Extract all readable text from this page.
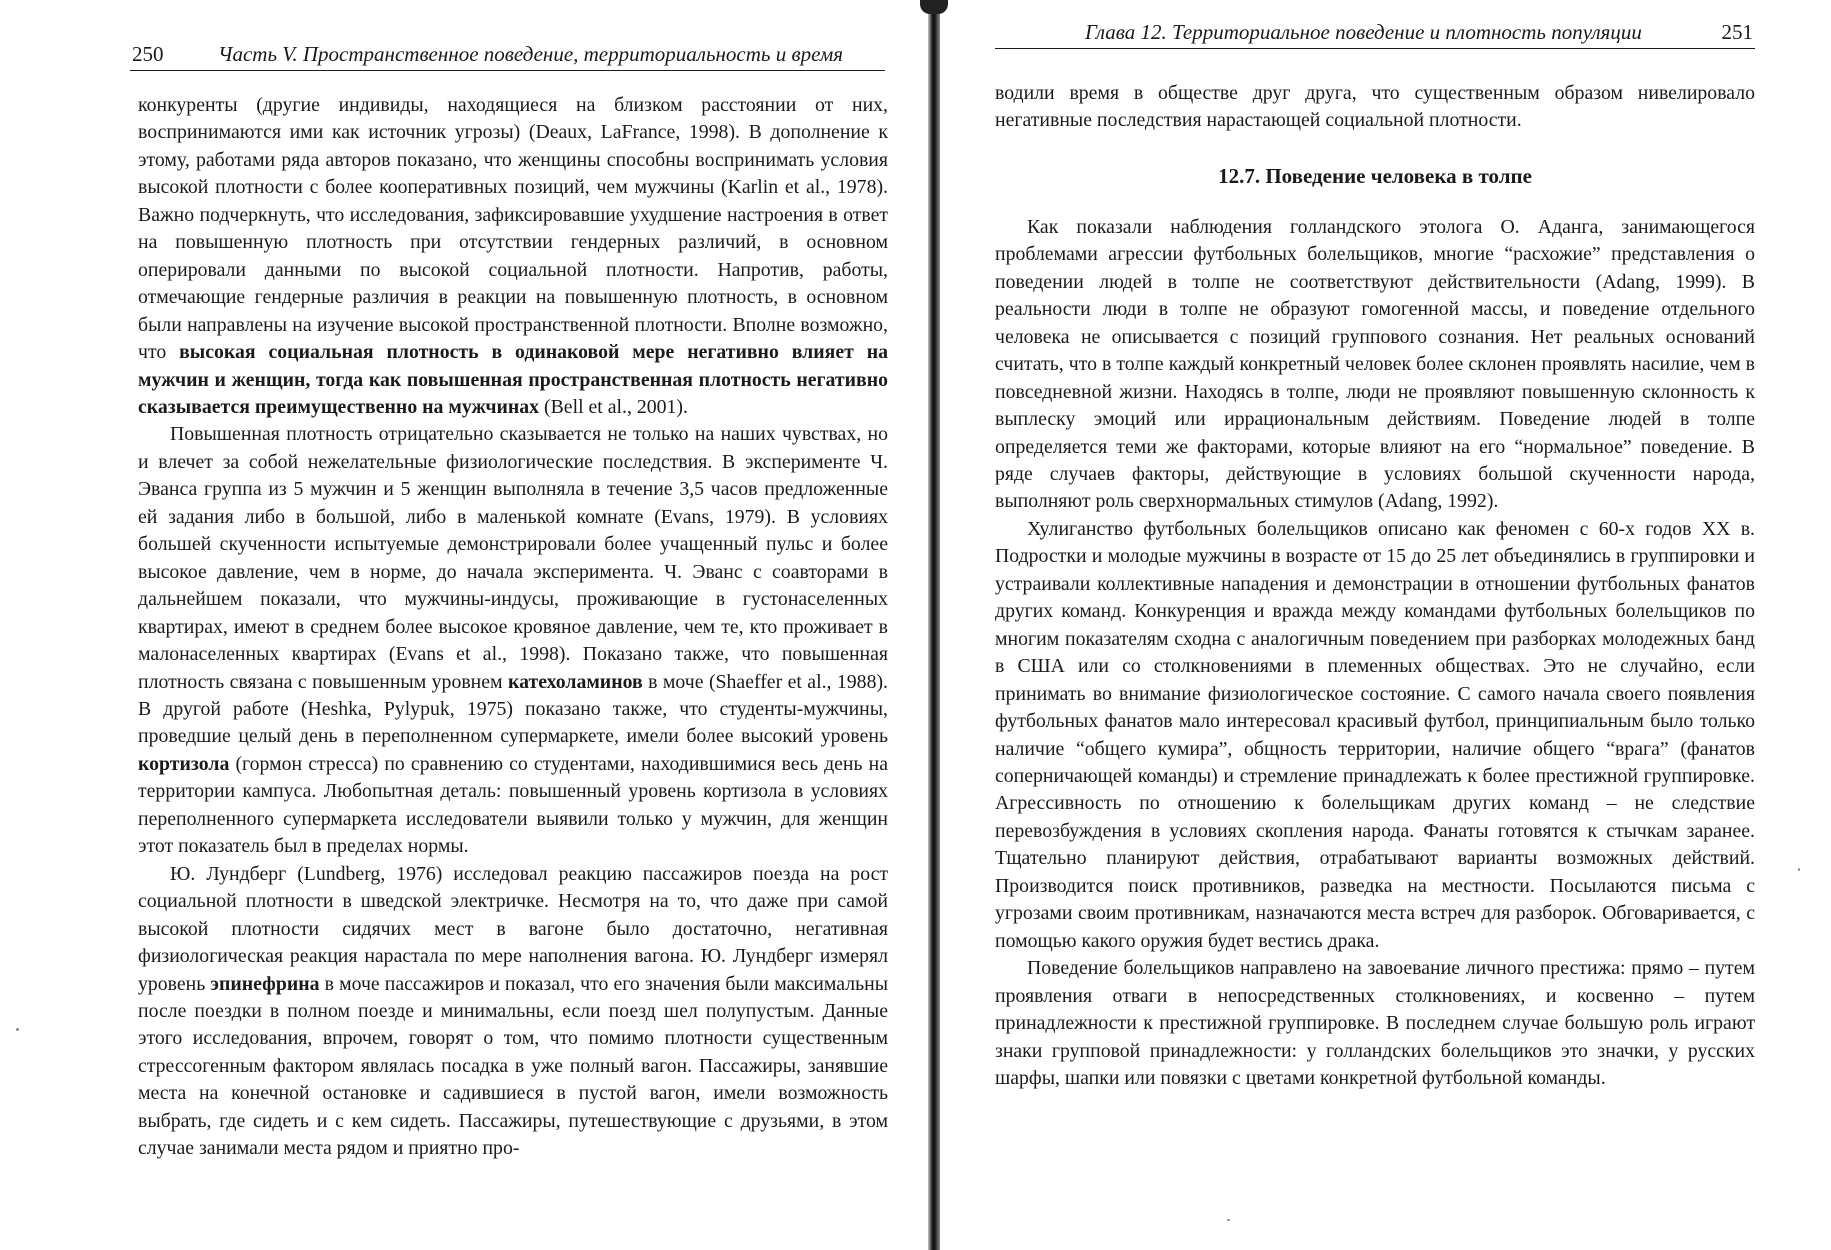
250	Часть V. Пространственное поведение, территориальность и время

конкуренты (другие индивиды, находящиеся на близком расстоянии от них, воспринимаются ими как источник угрозы) (Deaux, LaFrance, 1998). В дополнение к этому, работами ряда авторов показано, что женщины способны воспринимать условия высокой плотности с более кооперативных позиций, чем мужчины (Karlin et al., 1978). Важно подчеркнуть, что исследования, зафиксировавшие ухудшение настроения в ответ на повышенную плотность при отсутствии гендерных различий, в основном оперировали данными по высокой социальной плотности. Напротив, работы, отмечающие гендерные различия в реакции на повышенную плотность, в основном были направлены на изучение высокой пространственной плотности. Вполне возможно, что высокая социальная плотность в одинаковой мере негативно влияет на мужчин и женщин, тогда как повышенная пространственная плотность негативно сказывается преимущественно на мужчинах (Bell et al., 2001).

Повышенная плотность отрицательно сказывается не только на наших чувствах, но и влечет за собой нежелательные физиологические последствия. В эксперименте Ч. Эванса группа из 5 мужчин и 5 женщин выполняла в течение 3,5 часов предложенные ей задания либо в большой, либо в маленькой комнате (Evans, 1979). В условиях большей скученности испытуемые демонстрировали более учащенный пульс и более высокое давление, чем в норме, до начала эксперимента. Ч. Эванс с соавторами в дальнейшем показали, что мужчины-индусы, проживающие в густонаселенных квартирах, имеют в среднем более высокое кровяное давление, чем те, кто проживает в малонаселенных квартирах (Evans et al., 1998). Показано также, что повышенная плотность связана с повышенным уровнем катехоламинов в моче (Shaeffer et al., 1988). В другой работе (Heshka, Pylypuk, 1975) показано также, что студенты-мужчины, проведшие целый день в переполненном супермаркете, имели более высокий уровень кортизола (гормон стресса) по сравнению со студентами, находившимися весь день на территории кампуса. Любопытная деталь: повышенный уровень кортизола в условиях переполненного супермаркета исследователи выявили только у мужчин, для женщин этот показатель был в пределах нормы.

Ю. Лундберг (Lundberg, 1976) исследовал реакцию пассажиров поезда на рост социальной плотности в шведской электричке. Несмотря на то, что даже при самой высокой плотности сидячих мест в вагоне было достаточно, негативная физиологическая реакция нарастала по мере наполнения вагона. Ю. Лундберг измерял уровень эпинефрина в моче пассажиров и показал, что его значения были максимальны после поездки в полном поезде и минимальны, если поезд шел полупустым. Данные этого исследования, впрочем, говорят о том, что помимо плотности существенным стрессогенным фактором являлась посадка в уже полный вагон. Пассажиры, занявшие места на конечной остановке и садившиеся в пустой вагон, имели возможность выбрать, где сидеть и с кем сидеть. Пассажиры, путешествующие с друзьями, в этом случае занимали места рядом и приятно про-

Глава 12. Территориальное поведение и плотность популяции	251

водили время в обществе друг друга, что существенным образом нивелировало негативные последствия нарастающей социальной плотности.

12.7. Поведение человека в толпе

Как показали наблюдения голландского этолога О. Аданга, занимающегося проблемами агрессии футбольных болельщиков, многие “расхожие” представления о поведении людей в толпе не соответствуют действительности (Adang, 1999). В реальности люди в толпе не образуют гомогенной массы, и поведение отдельного человека не описывается с позиций группового сознания. Нет реальных оснований считать, что в толпе каждый конкретный человек более склонен проявлять насилие, чем в повседневной жизни. Находясь в толпе, люди не проявляют повышенную склонность к выплеску эмоций или иррациональным действиям. Поведение людей в толпе определяется теми же факторами, которые влияют на его “нормальное” поведение. В ряде случаев факторы, действующие в условиях большой скученности народа, выполняют роль сверхнормальных стимулов (Adang, 1992).

Хулиганство футбольных болельщиков описано как феномен с 60-х годов XX в. Подростки и молодые мужчины в возрасте от 15 до 25 лет объединялись в группировки и устраивали коллективные нападения и демонстрации в отношении футбольных фанатов других команд. Конкуренция и вражда между командами футбольных болельщиков по многим показателям сходна с аналогичным поведением при разборках молодежных банд в США или со столкновениями в племенных обществах. Это не случайно, если принимать во внимание физиологическое состояние. С самого начала своего появления футбольных фанатов мало интересовал красивый футбол, принципиальным было только наличие “общего кумира”, общность территории, наличие общего “врага” (фанатов соперничающей команды) и стремление принадлежать к более престижной группировке. Агрессивность по отношению к болельщикам других команд – не следствие перевозбуждения в условиях скопления народа. Фанаты готовятся к стычкам заранее. Тщательно планируют действия, отрабатывают варианты возможных действий. Производится поиск противников, разведка на местности. Посылаются письма с угрозами своим противникам, назначаются места встреч для разборок. Обговаривается, с помощью какого оружия будет вестись драка.

Поведение болельщиков направлено на завоевание личного престижа: прямо – путем проявления отваги в непосредственных столкновениях, и косвенно – путем принадлежности к престижной группировке. В последнем случае большую роль играют знаки групповой принадлежности: у голландских болельщиков это значки, у русских шарфы, шапки или повязки с цветами конкретной футбольной команды.
